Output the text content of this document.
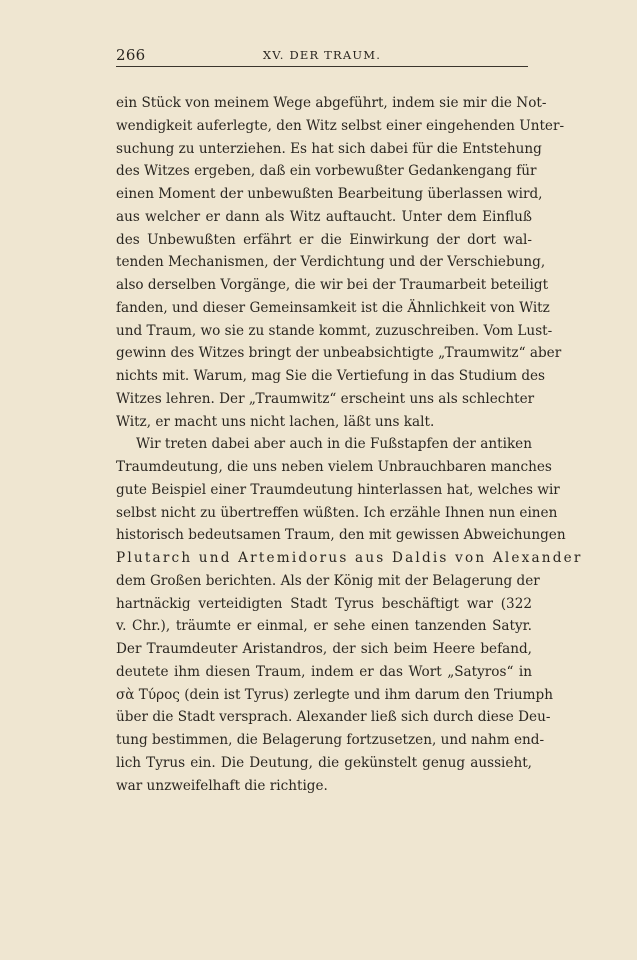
266	XV. DER TRAUM.
ein Stück von meinem Wege abgeführt, indem sie mir die Not-
wendigkeit auferlegte, den Witz selbst einer eingehenden Unter-
suchung zu unterziehen. Es hat sich dabei für die Entstehung
des Witzes ergeben, daß ein vorbewußter Gedankengang für
einen Moment der unbewußten Bearbeitung überlassen wird,
aus welcher er dann als Witz auftaucht. Unter dem Einfluß
des Unbewußten erfährt er die Einwirkung der dort wal-
tenden Mechanismen, der Verdichtung und der Verschiebung,
also derselben Vorgänge, die wir bei der Traumarbeit beteiligt
fanden, und dieser Gemeinsamkeit ist die Ähnlichkeit von Witz
und Traum, wo sie zu stande kommt, zuzuschreiben. Vom Lust-
gewinn des Witzes bringt der unbeabsichtigte „Traumwitz“ aber
nichts mit. Warum, mag Sie die Vertiefung in das Studium des
Witzes lehren. Der „Traumwitz“ erscheint uns als schlechter
Witz, er macht uns nicht lachen, läßt uns kalt.
Wir treten dabei aber auch in die Fußstapfen der antiken
Traumdeutung, die uns neben vielem Unbrauchbaren manches
gute Beispiel einer Traumdeutung hinterlassen hat, welches wir
selbst nicht zu übertreffen wüßten. Ich erzähle Ihnen nun einen
historisch bedeutsamen Traum, den mit gewissen Abweichungen
Plutarch und Artemidorus aus Daldis von Alexander
dem Großen berichten. Als der König mit der Belagerung der
hartnäckig verteidigten Stadt Tyrus beschäftigt war (322
v. Chr.), träumte er einmal, er sehe einen tanzenden Satyr.
Der Traumdeuter Aristandros, der sich beim Heere befand,
deutete ihm diesen Traum, indem er das Wort „Satyros“ in
σὰ Τύρος (dein ist Tyrus) zerlegte und ihm darum den Triumph
über die Stadt versprach. Alexander ließ sich durch diese Deu-
tung bestimmen, die Belagerung fortzusetzen, und nahm end-
lich Tyrus ein. Die Deutung, die gekünstelt genug aussieht,
war unzweifelhaft die richtige.
